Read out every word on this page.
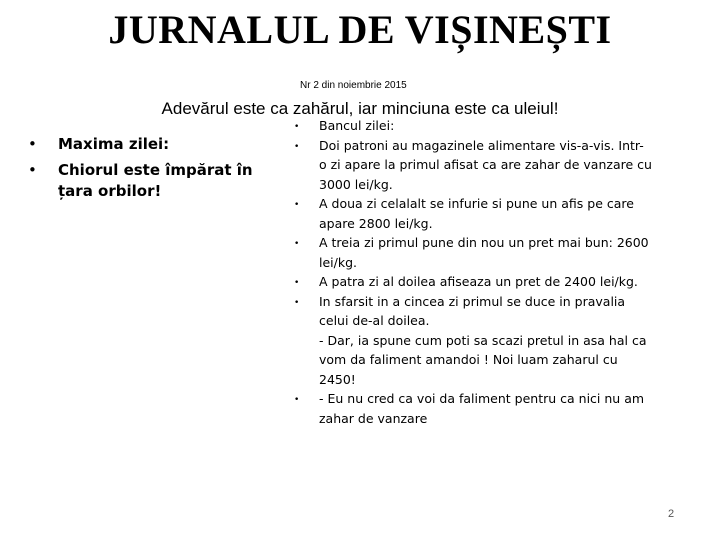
JURNALUL DE VIȘINEȘTI
Nr 2 din noiembrie 2015
Adevărul este ca zahărul, iar minciuna este ca uleiul!
• Maxima zilei:
• Chiorul este împărat în țara orbilor!
• Bancul zilei:
• Doi patroni au magazinele alimentare vis-a-vis. Intr-
o zi apare la primul afisat ca are zahar de vanzare cu
3000 lei/kg.
• A doua zi celalalt se infurie si pune un afis pe care
apare 2800 lei/kg.
• A treia zi primul pune din nou un pret mai bun: 2600
lei/kg.
• A patra zi al doilea afiseaza un pret de 2400 lei/kg.
• In sfarsit in a cincea zi primul se duce in pravalia
celui de-al doilea.
- Dar, ia spune cum poti sa scazi pretul in asa hal ca
vom da faliment amandoi ! Noi luam zaharul cu
2450!
• - Eu nu cred ca voi da faliment pentru ca nici nu am
zahar de vanzare
2
